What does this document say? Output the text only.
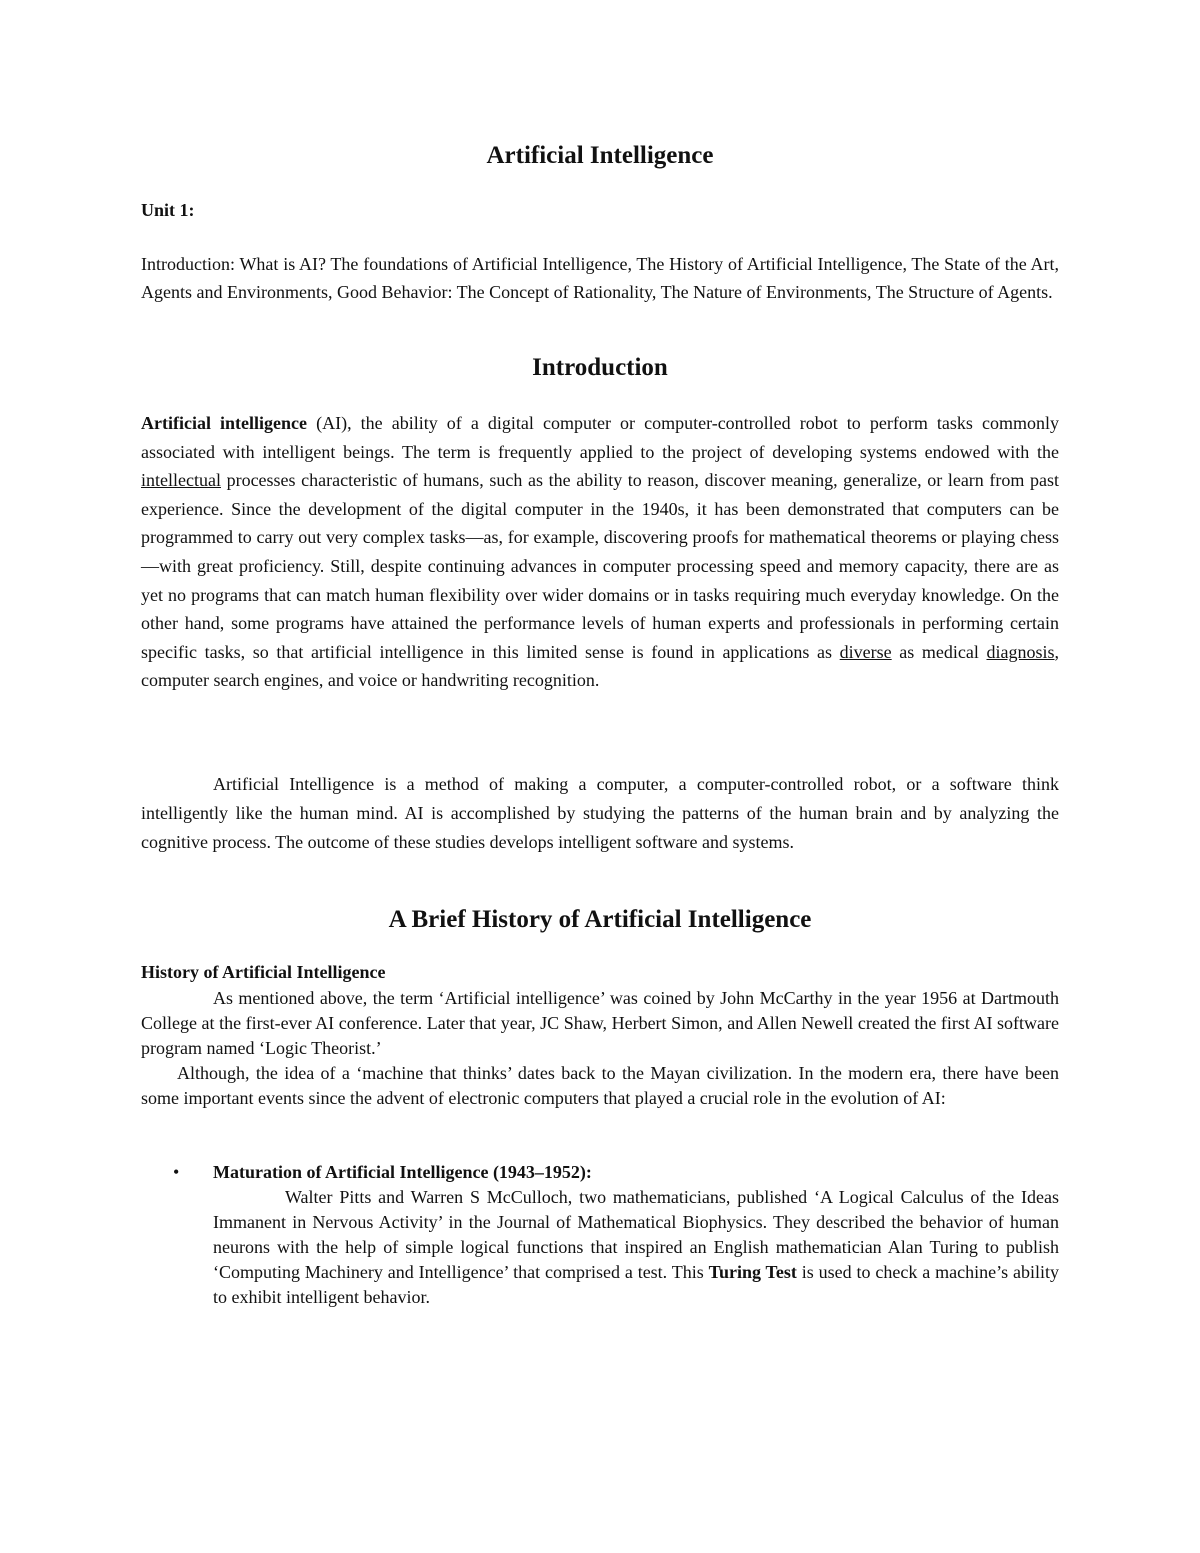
Artificial Intelligence

Unit 1:

Introduction: What is AI? The foundations of Artificial Intelligence, The History of Artificial Intelligence, The State of the Art, Agents and Environments, Good Behavior: The Concept of Rationality, The Nature of Environments, The Structure of Agents.

Introduction

Artificial intelligence (AI), the ability of a digital computer or computer-controlled robot to perform tasks commonly associated with intelligent beings. The term is frequently applied to the project of developing systems endowed with the intellectual processes characteristic of humans, such as the ability to reason, discover meaning, generalize, or learn from past experience. Since the development of the digital computer in the 1940s, it has been demonstrated that computers can be programmed to carry out very complex tasks—as, for example, discovering proofs for mathematical theorems or playing chess—with great proficiency. Still, despite continuing advances in computer processing speed and memory capacity, there are as yet no programs that can match human flexibility over wider domains or in tasks requiring much everyday knowledge. On the other hand, some programs have attained the performance levels of human experts and professionals in performing certain specific tasks, so that artificial intelligence in this limited sense is found in applications as diverse as medical diagnosis, computer search engines, and voice or handwriting recognition.

Artificial Intelligence is a method of making a computer, a computer-controlled robot, or a software think intelligently like the human mind. AI is accomplished by studying the patterns of the human brain and by analyzing the cognitive process. The outcome of these studies develops intelligent software and systems.

A Brief History of Artificial Intelligence

History of Artificial Intelligence

As mentioned above, the term ‘Artificial intelligence’ was coined by John McCarthy in the year 1956 at Dartmouth College at the first-ever AI conference. Later that year, JC Shaw, Herbert Simon, and Allen Newell created the first AI software program named ‘Logic Theorist.’

Although, the idea of a ‘machine that thinks’ dates back to the Mayan civilization. In the modern era, there have been some important events since the advent of electronic computers that played a crucial role in the evolution of AI:

• Maturation of Artificial Intelligence (1943–1952):

Walter Pitts and Warren S McCulloch, two mathematicians, published ‘A Logical Calculus of the Ideas Immanent in Nervous Activity’ in the Journal of Mathematical Biophysics. They described the behavior of human neurons with the help of simple logical functions that inspired an English mathematician Alan Turing to publish ‘Computing Machinery and Intelligence’ that comprised a test. This Turing Test is used to check a machine’s ability to exhibit intelligent behavior.
